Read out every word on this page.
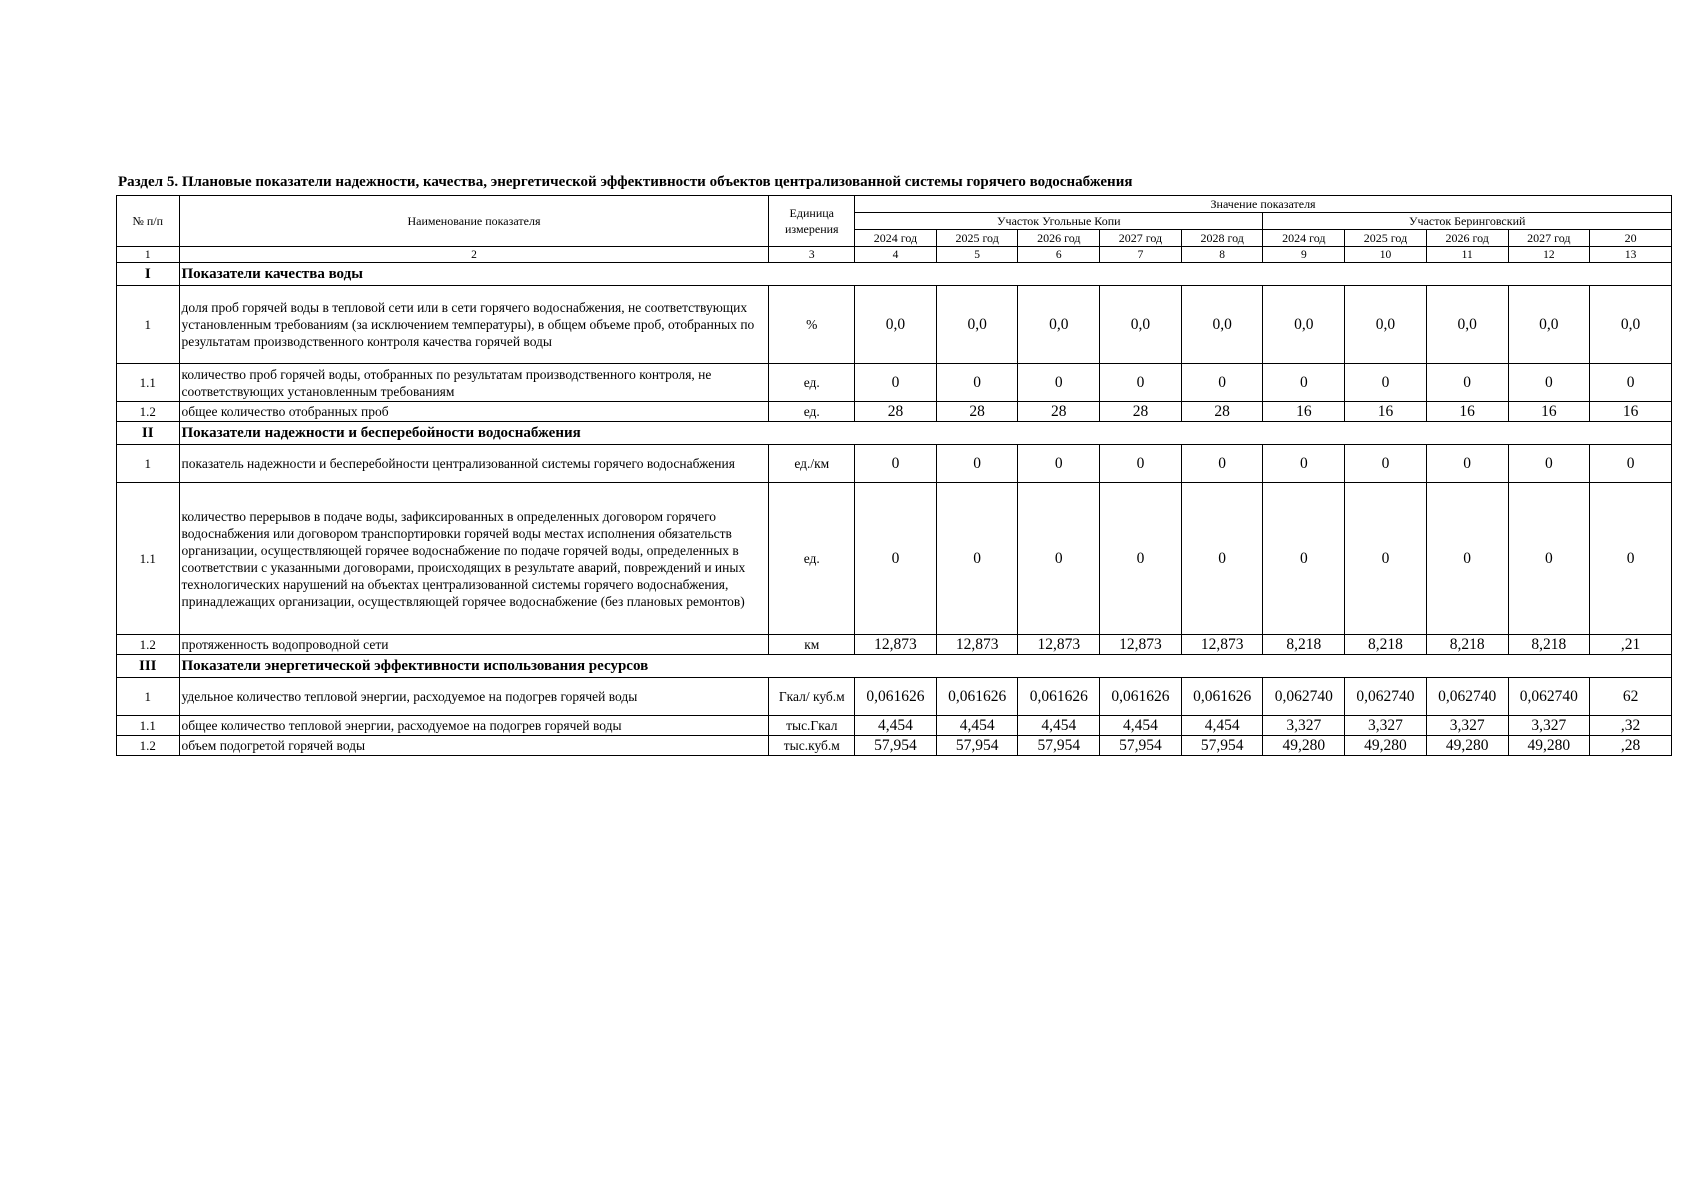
Раздел 5. Плановые показатели надежности, качества, энергетической эффективности объектов централизованной системы горячего водоснабжения
№ п/п	Наименование показателя	Единица измерения	Значение показателя									
			Участок Угольные Копи					Участок Беринговский				
			2024 год	2025 год	2026 год	2027 год	2028 год	2024 год	2025 год	2026 год	2027 год	20
1	2	3	4	5	6	7	8	9	10	11	12	13
I	Показатели качества воды											
1	доля проб горячей воды в тепловой сети или в сети горячего водоснабжения, не соответствующих установленным требованиям (за исключением температуры), в общем объеме проб, отобранных по результатам производственного контроля качества горячей воды	%	0,0	0,0	0,0	0,0	0,0	0,0	0,0	0,0	0,0	0,0
1.1	количество проб горячей воды, отобранных по результатам производственного контроля, не соответствующих установленным требованиям	ед.	0	0	0	0	0	0	0	0	0	0
1.2	общее количество отобранных проб	ед.	28	28	28	28	28	16	16	16	16	16
II	Показатели надежности и бесперебойности водоснабжения											
1	показатель надежности и бесперебойности централизованной системы горячего водоснабжения	ед./км	0	0	0	0	0	0	0	0	0	0
1.1	количество перерывов в подаче воды, зафиксированных в определенных договором горячего водоснабжения или договором транспортировки горячей воды местах исполнения обязательств организации, осуществляющей горячее водоснабжение по подаче горячей воды, определенных в соответствии с указанными договорами, происходящих в результате аварий, повреждений и иных технологических нарушений на объектах централизованной системы горячего водоснабжения, принадлежащих организации, осуществляющей горячее водоснабжение (без плановых ремонтов)	ед.	0	0	0	0	0	0	0	0	0	0
1.2	протяженность водопроводной сети	км	12,873	12,873	12,873	12,873	12,873	8,218	8,218	8,218	8,218	,21
III	Показатели энергетической эффективности использования ресурсов											
1	удельное количество тепловой энергии, расходуемое на подогрев горячей воды	Гкал/ куб.м	0,061626	0,061626	0,061626	0,061626	0,061626	0,062740	0,062740	0,062740	0,062740	62
1.1	общее количество тепловой энергии, расходуемое на подогрев горячей воды	тыс.Гкал	4,454	4,454	4,454	4,454	4,454	3,327	3,327	3,327	3,327	,32
1.2	объем подогретой горячей воды	тыс.куб.м	57,954	57,954	57,954	57,954	57,954	49,280	49,280	49,280	49,280	,28
